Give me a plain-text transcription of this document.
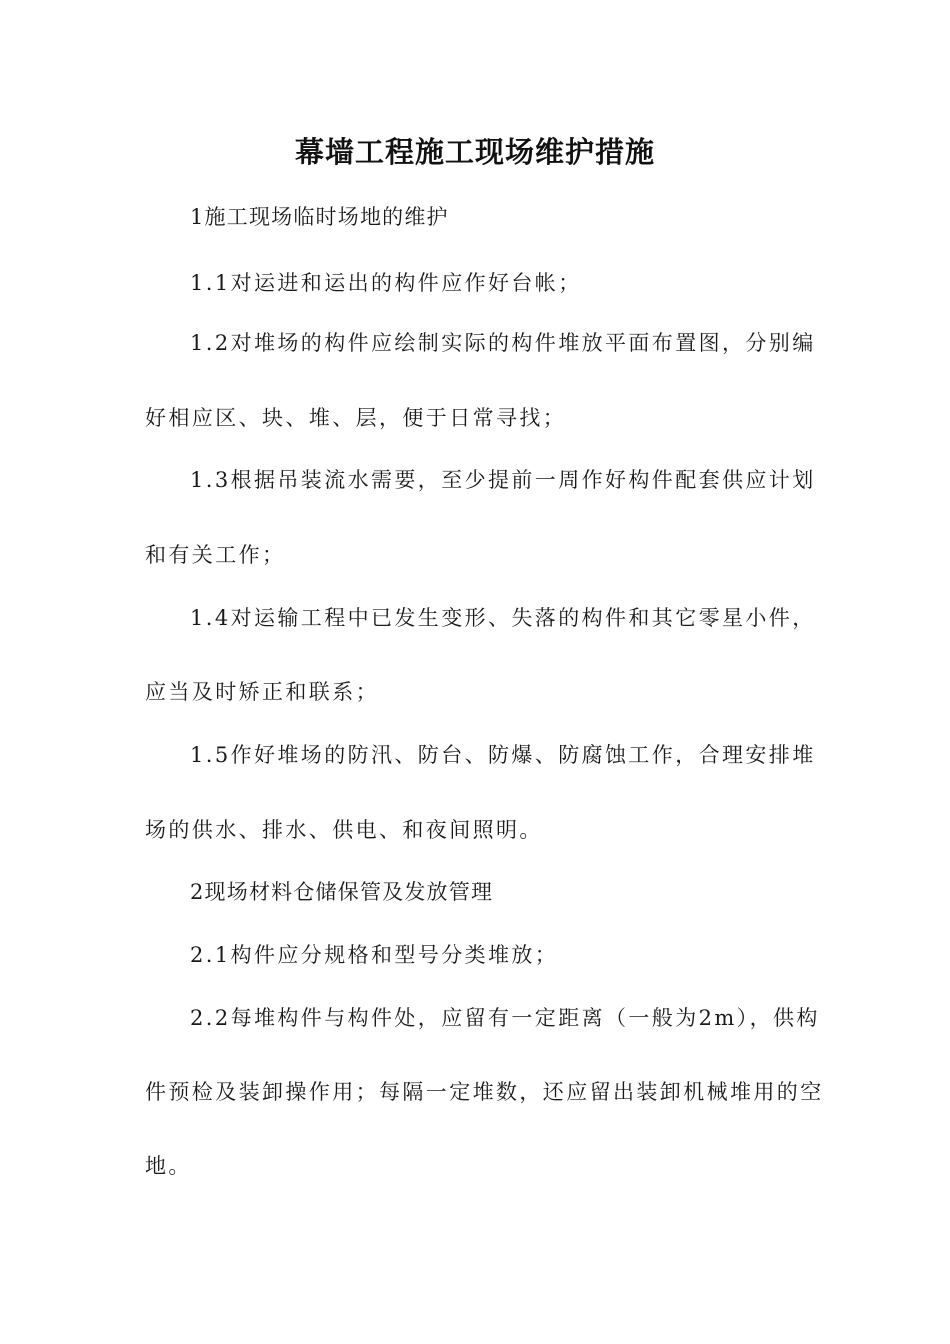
幕墙工程施工现场维护措施
1施工现场临时场地的维护
1.1对运进和运出的构件应作好台帐；
1.2对堆场的构件应绘制实际的构件堆放平面布置图，分别编
好相应区、块、堆、层，便于日常寻找；
1.3根据吊装流水需要，至少提前一周作好构件配套供应计划
和有关工作；
1.4对运输工程中已发生变形、失落的构件和其它零星小件，
应当及时矫正和联系；
1.5作好堆场的防汛、防台、防爆、防腐蚀工作，合理安排堆
场的供水、排水、供电、和夜间照明。
2现场材料仓储保管及发放管理
2.1构件应分规格和型号分类堆放；
2.2每堆构件与构件处，应留有一定距离（一般为2m），供构
件预检及装卸操作用；每隔一定堆数，还应留出装卸机械堆用的空
地。
